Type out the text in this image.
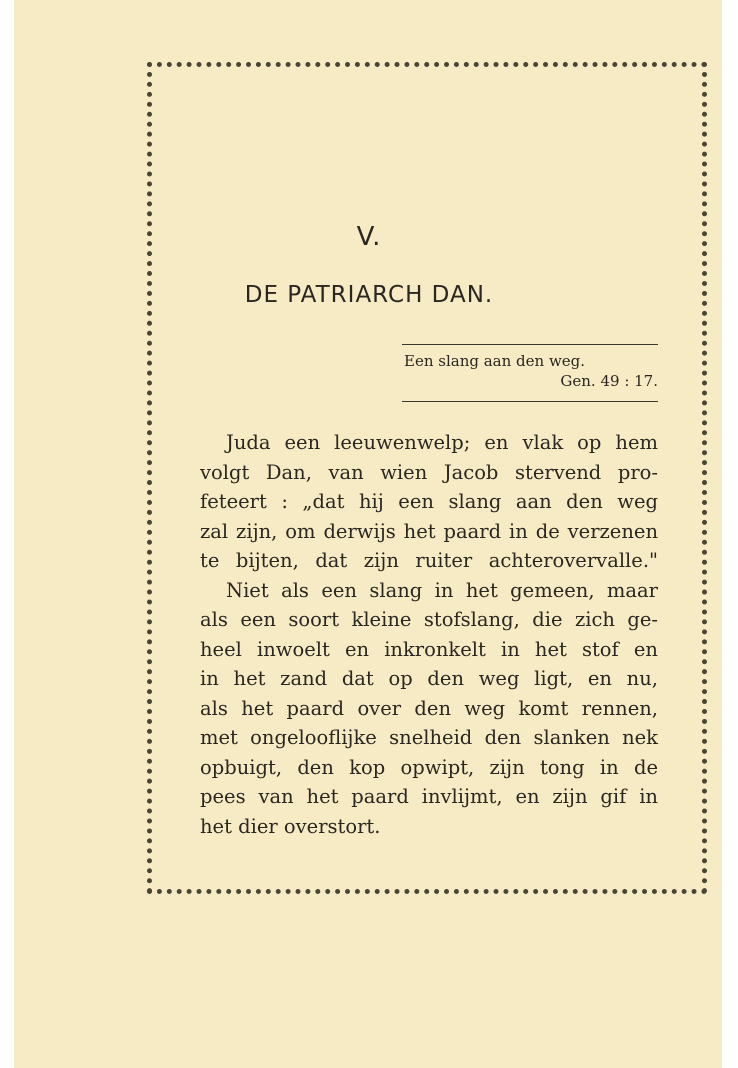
V.
DE PATRIARCH DAN.
Een slang aan den weg.
Gen. 49 : 17.

Juda een leeuwenwelp; en vlak op hem
volgt Dan, van wien Jacob stervend pro-
feteert : „dat hij een slang aan den weg
zal zijn, om derwijs het paard in de verzenen
te bijten, dat zijn ruiter achterovervalle."

Niet als een slang in het gemeen, maar
als een soort kleine stofslang, die zich ge-
heel inwoelt en inkronkelt in het stof en
in het zand dat op den weg ligt, en nu,
als het paard over den weg komt rennen,
met ongelooflijke snelheid den slanken nek
opbuigt, den kop opwipt, zijn tong in de
pees van het paard invlijmt, en zijn gif in
het dier overstort.
